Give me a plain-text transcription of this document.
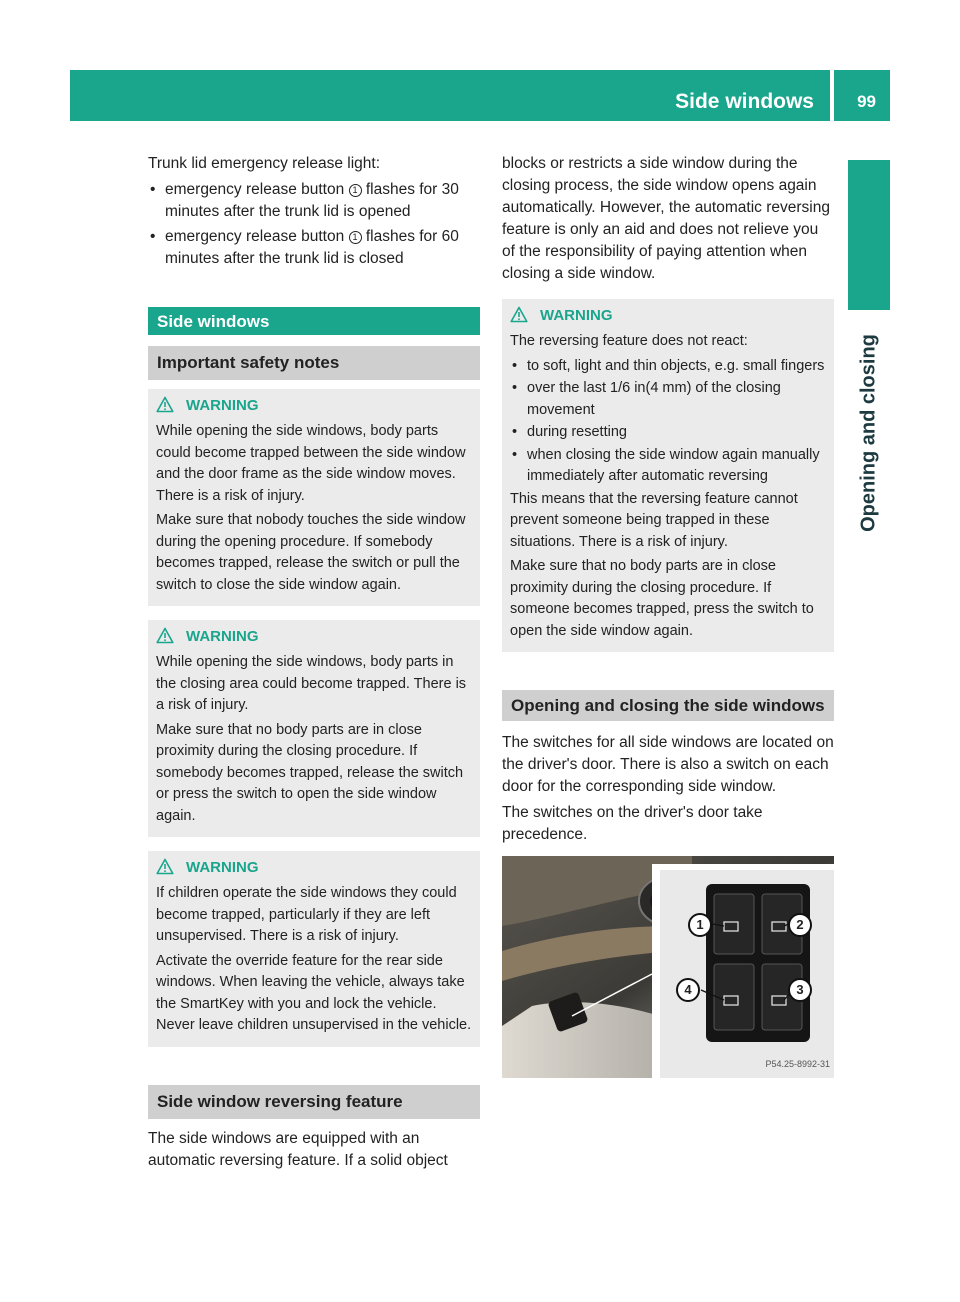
Side windows	99
Opening and closing

Trunk lid emergency release light:

• emergency release button 1 flashes for 30 minutes after the trunk lid is opened
• emergency release button 1 flashes for 60 minutes after the trunk lid is closed
Side windows
Important safety notes
WARNING

While opening the side windows, body parts could become trapped between the side window and the door frame as the side window moves. There is a risk of injury.

Make sure that nobody touches the side window during the opening procedure. If somebody becomes trapped, release the switch or pull the switch to close the side window again.

WARNING

While opening the side windows, body parts in the closing area could become trapped. There is a risk of injury.

Make sure that no body parts are in close proximity during the closing procedure. If somebody becomes trapped, release the switch or press the switch to open the side window again.

WARNING

If children operate the side windows they could become trapped, particularly if they are left unsupervised. There is a risk of injury.

Activate the override feature for the rear side windows. When leaving the vehicle, always take the SmartKey with you and lock the vehicle. Never leave children unsupervised in the vehicle.

Side window reversing feature

The side windows are equipped with an automatic reversing feature. If a solid object

blocks or restricts a side window during the closing process, the side window opens again automatically. However, the automatic reversing feature is only an aid and does not relieve you of the responsibility of paying attention when closing a side window.

WARNING

The reversing feature does not react:

• to soft, light and thin objects, e.g. small fingers
• over the last 1/6 in(4 mm) of the closing movement
• during resetting
• when closing the side window again manually immediately after automatic reversing

This means that the reversing feature cannot prevent someone being trapped in these situations. There is a risk of injury.

Make sure that no body parts are in close proximity during the closing procedure. If someone becomes trapped, press the switch to open the side window again.

Opening and closing the side windows

The switches for all side windows are located on the driver's door. There is also a switch on each door for the corresponding side window.

The switches on the driver's door take precedence.

1	2
3
4
P54.25-8992-31
